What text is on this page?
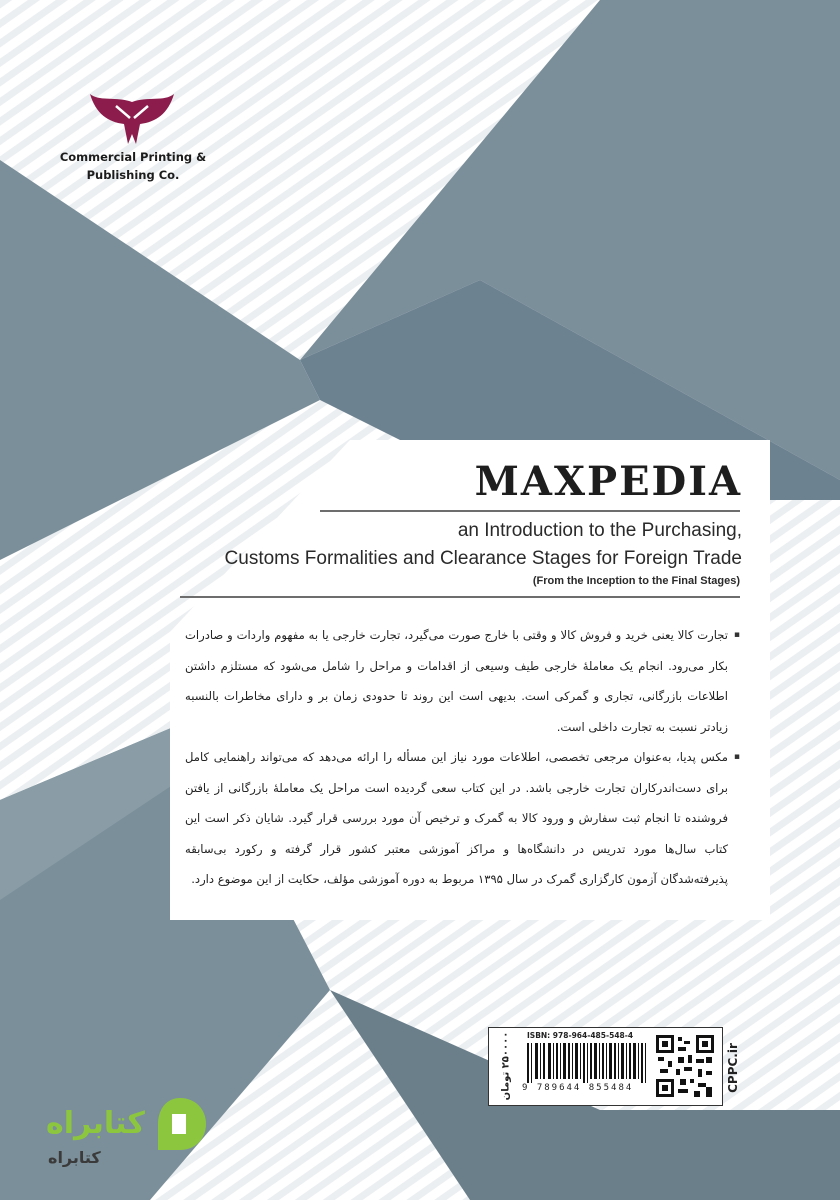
Commercial Printing &
Publishing Co.
MAXPEDIA
an Introduction to the Purchasing,
Customs Formalities and Clearance Stages for Foreign Trade
(From the Inception to the Final Stages)

▪ تجارت کالا یعنی خرید و فروش کالا و وقتی با خارج صورت می‌گیرد، تجارت خارجی یا به مفهوم واردات و صادرات بکار می‌رود. انجام یک معاملهٔ خارجی طیف وسیعی از اقدامات و مراحل را شامل می‌شود که مستلزم داشتن اطلاعات بازرگانی، تجاری و گمرکی است. بدیهی است این روند تا حدودی زمان بر و دارای مخاطرات بالنسبه زیادتر نسبت به تجارت داخلی است.

▪ مکس پدیا، به‌عنوان مرجعی تخصصی، اطلاعات مورد نیاز این مسأله را ارائه می‌دهد که می‌تواند راهنمایی کامل برای دست‌اندرکاران تجارت خارجی باشد. در این کتاب سعی گردیده است مراحل یک معاملهٔ بازرگانی از یافتن فروشنده تا انجام ثبت سفارش و ورود کالا به گمرک و ترخیص آن مورد بررسی قرار گیرد. شایان ذکر است این کتاب سال‌ها مورد تدریس در دانشگاه‌ها و مراکز آموزشی معتبر کشور قرار گرفته و رکورد بی‌سابقه پذیرفته‌شدگان آزمون کارگزاری گمرک در سال ۱۳۹۵ مربوط به دوره آموزشی مؤلف، حکایت از این موضوع دارد.

۲۵۰۰۰۰ تومان ISBN: 978-964-485-548-4
9 789644 855484	CPPC.ir
کتابراه
کتابراه
